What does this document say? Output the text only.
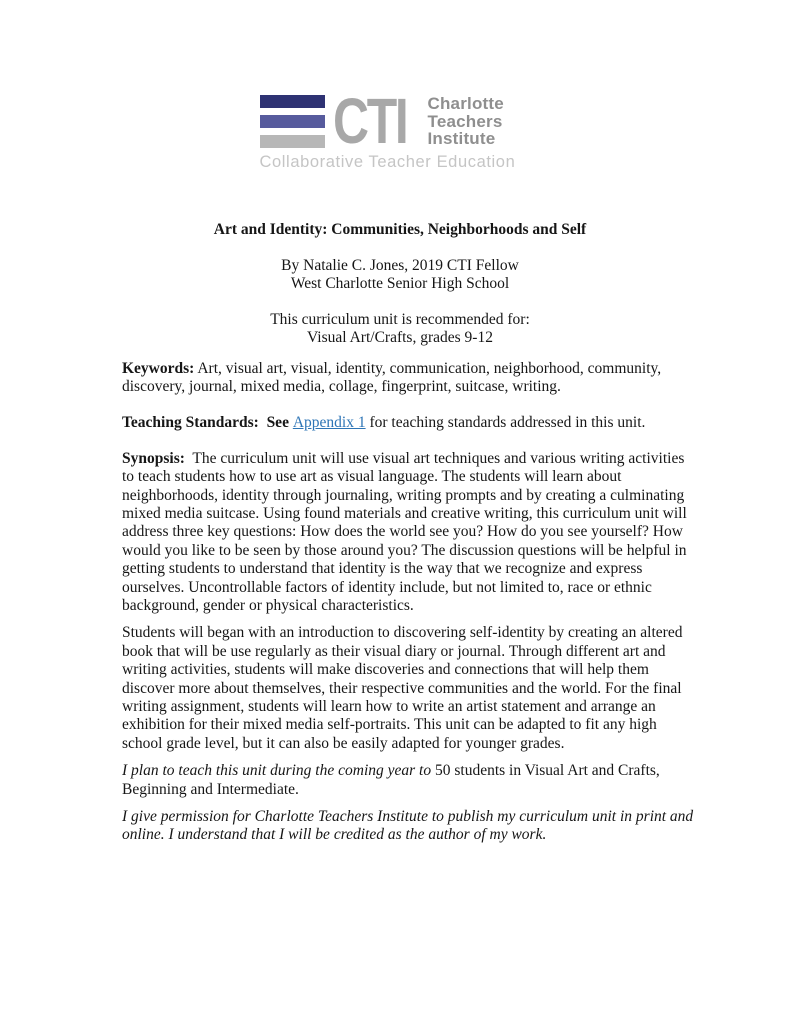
CTI Charlotte
Teachers
Institute
Collaborative Teacher Education

Art and Identity: Communities, Neighborhoods and Self

By Natalie C. Jones, 2019 CTI Fellow

West Charlotte Senior High School

This curriculum unit is recommended for:

Visual Art/Crafts, grades 9-12

Keywords: Art, visual art, visual, identity, communication, neighborhood, community, discovery, journal, mixed media, collage, fingerprint, suitcase, writing.

Teaching Standards:  See Appendix 1 for teaching standards addressed in this unit.

Synopsis:  The curriculum unit will use visual art techniques and various writing activities to teach students how to use art as visual language. The students will learn about neighborhoods, identity through journaling, writing prompts and by creating a culminating mixed media suitcase. Using found materials and creative writing, this curriculum unit will address three key questions: How does the world see you? How do you see yourself? How would you like to be seen by those around you? The discussion questions will be helpful in getting students to understand that identity is the way that we recognize and express ourselves. Uncontrollable factors of identity include, but not limited to, race or ethnic background, gender or physical characteristics.

Students will began with an introduction to discovering self-identity by creating an altered book that will be use regularly as their visual diary or journal. Through different art and writing activities, students will make discoveries and connections that will help them discover more about themselves, their respective communities and the world. For the final writing assignment, students will learn how to write an artist statement and arrange an exhibition for their mixed media self-portraits. This unit can be adapted to fit any high school grade level, but it can also be easily adapted for younger grades.

I plan to teach this unit during the coming year to 50 students in Visual Art and Crafts, Beginning and Intermediate.

I give permission for Charlotte Teachers Institute to publish my curriculum unit in print and online. I understand that I will be credited as the author of my work.
